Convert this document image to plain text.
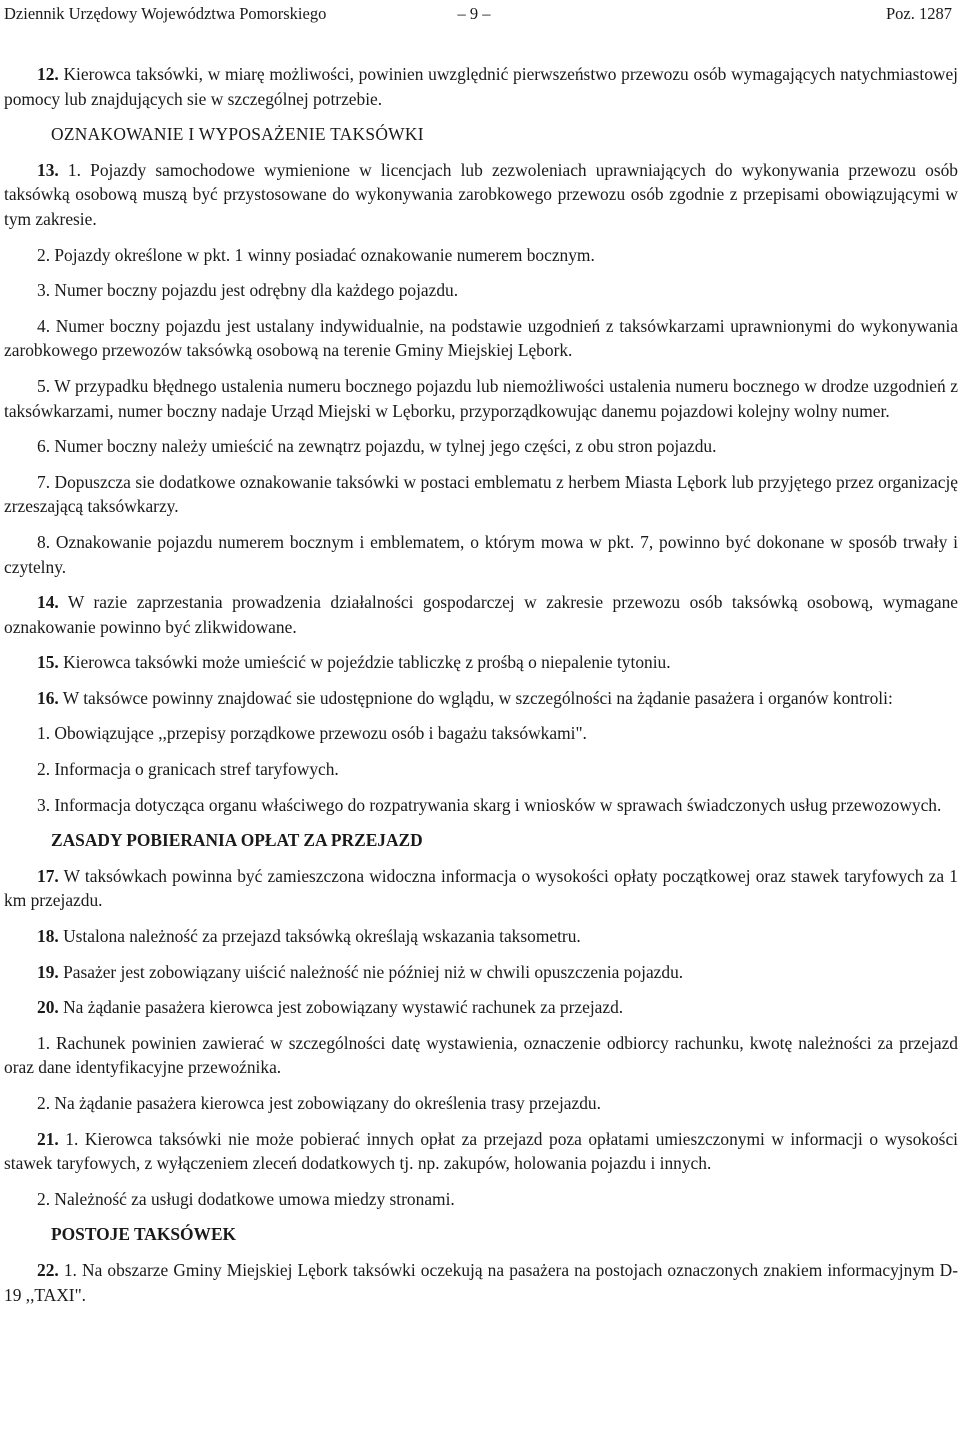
Dziennik Urzędowy Województwa Pomorskiego	– 9 –	Poz. 1287

12. Kierowca taksówki, w miarę możliwości, powinien uwzględnić pierwszeństwo przewozu osób wymagających natychmiastowej pomocy lub znajdujących sie w szczególnej potrzebie.

OZNAKOWANIE I WYPOSAŻENIE TAKSÓWKI

13. 1. Pojazdy samochodowe wymienione w licencjach lub zezwoleniach uprawniających do wykonywania przewozu osób taksówką osobową muszą być przystosowane do wykonywania zarobkowego przewozu osób zgodnie z przepisami obowiązującymi w tym zakresie.

2. Pojazdy określone w pkt. 1 winny posiadać oznakowanie numerem bocznym.

3. Numer boczny pojazdu jest odrębny dla każdego pojazdu.

4. Numer boczny pojazdu jest ustalany indywidualnie, na podstawie uzgodnień z taksówkarzami uprawnionymi do wykonywania zarobkowego przewozów taksówką osobową na terenie Gminy Miejskiej Lębork.

5. W przypadku błędnego ustalenia numeru bocznego pojazdu lub niemożliwości ustalenia numeru bocznego w drodze uzgodnień z taksówkarzami, numer boczny nadaje Urząd Miejski w Lęborku, przyporządkowując danemu pojazdowi kolejny wolny numer.

6. Numer boczny należy umieścić na zewnątrz pojazdu, w tylnej jego części, z obu stron pojazdu.

7. Dopuszcza sie dodatkowe oznakowanie taksówki w postaci emblematu z herbem Miasta Lębork lub przyjętego przez organizację zrzeszającą taksówkarzy.

8. Oznakowanie pojazdu numerem bocznym i emblematem, o którym mowa w pkt. 7, powinno być dokonane w sposób trwały i czytelny.

14. W razie zaprzestania prowadzenia działalności gospodarczej w zakresie przewozu osób taksówką osobową, wymagane oznakowanie powinno być zlikwidowane.

15. Kierowca taksówki może umieścić w pojeździe tabliczkę z prośbą o niepalenie tytoniu.

16. W taksówce powinny znajdować sie udostępnione do wglądu, w szczególności na żądanie pasażera i organów kontroli:

1. Obowiązujące ,,przepisy porządkowe przewozu osób i bagażu taksówkami".

2. Informacja o granicach stref taryfowych.

3. Informacja dotycząca organu właściwego do rozpatrywania skarg i wniosków w sprawach świadczonych usług przewozowych.

ZASADY POBIERANIA OPŁAT ZA PRZEJAZD

17. W taksówkach powinna być zamieszczona widoczna informacja o wysokości opłaty początkowej oraz stawek taryfowych za 1 km przejazdu.

18. Ustalona należność za przejazd taksówką określają wskazania taksometru.

19. Pasażer jest zobowiązany uiścić należność nie później niż w chwili opuszczenia pojazdu.

20. Na żądanie pasażera kierowca jest zobowiązany wystawić rachunek za przejazd.

1. Rachunek powinien zawierać w szczególności datę wystawienia, oznaczenie odbiorcy rachunku, kwotę należności za przejazd oraz dane identyfikacyjne przewoźnika.

2. Na żądanie pasażera kierowca jest zobowiązany do określenia trasy przejazdu.

21. 1. Kierowca taksówki nie może pobierać innych opłat za przejazd poza opłatami umieszczonymi w informacji o wysokości stawek taryfowych, z wyłączeniem zleceń dodatkowych tj. np. zakupów, holowania pojazdu i innych.

2. Należność za usługi dodatkowe umowa miedzy stronami.

POSTOJE TAKSÓWEK

22. 1. Na obszarze Gminy Miejskiej Lębork taksówki oczekują na pasażera na postojach oznaczonych znakiem informacyjnym D-19 ,,TAXI".
